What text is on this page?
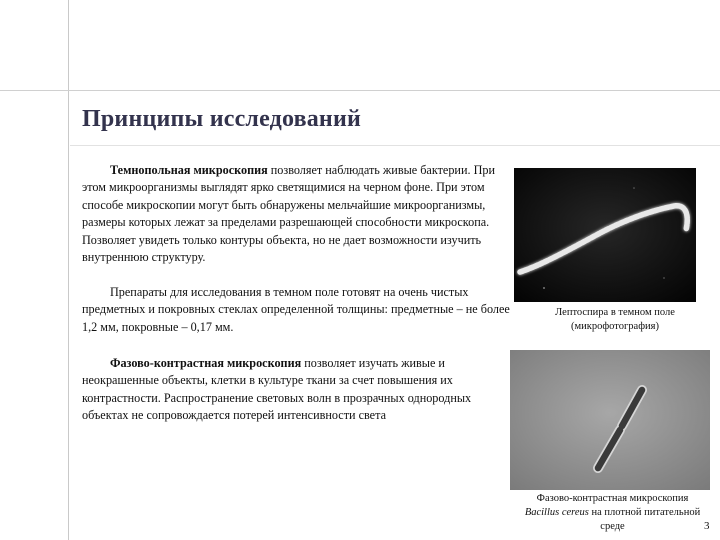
Принципы исследований

Темнопольная микроскопия позволяет наблюдать живые бактерии. При этом микроорганизмы выглядят ярко светящимися на черном фоне. При этом способе микроскопии могут быть обнаружены мельчайшие микроорганизмы, размеры которых лежат за пределами разрешающей способности микроскопа. Позволяет увидеть только контуры объекта, но не дает возможности изучить внутреннюю структуру.

Препараты для исследования в темном поле готовят на очень чистых предметных и покровных стеклах определенной толщины: предметные – не более 1,2 мм, покровные – 0,17 мм.

Фазово-контрастная микроскопия позволяет изучать живые и неокрашенные объекты, клетки в культуре ткани за счет повышения их контрастности. Распространение световых волн в прозрачных однородных объектах не сопровождается потерей интенсивности света

Лептоспира в темном поле
(микрофотография)
Фазово-контрастная микроскопия
Bacillus cereus на плотной питательной
среде	3
